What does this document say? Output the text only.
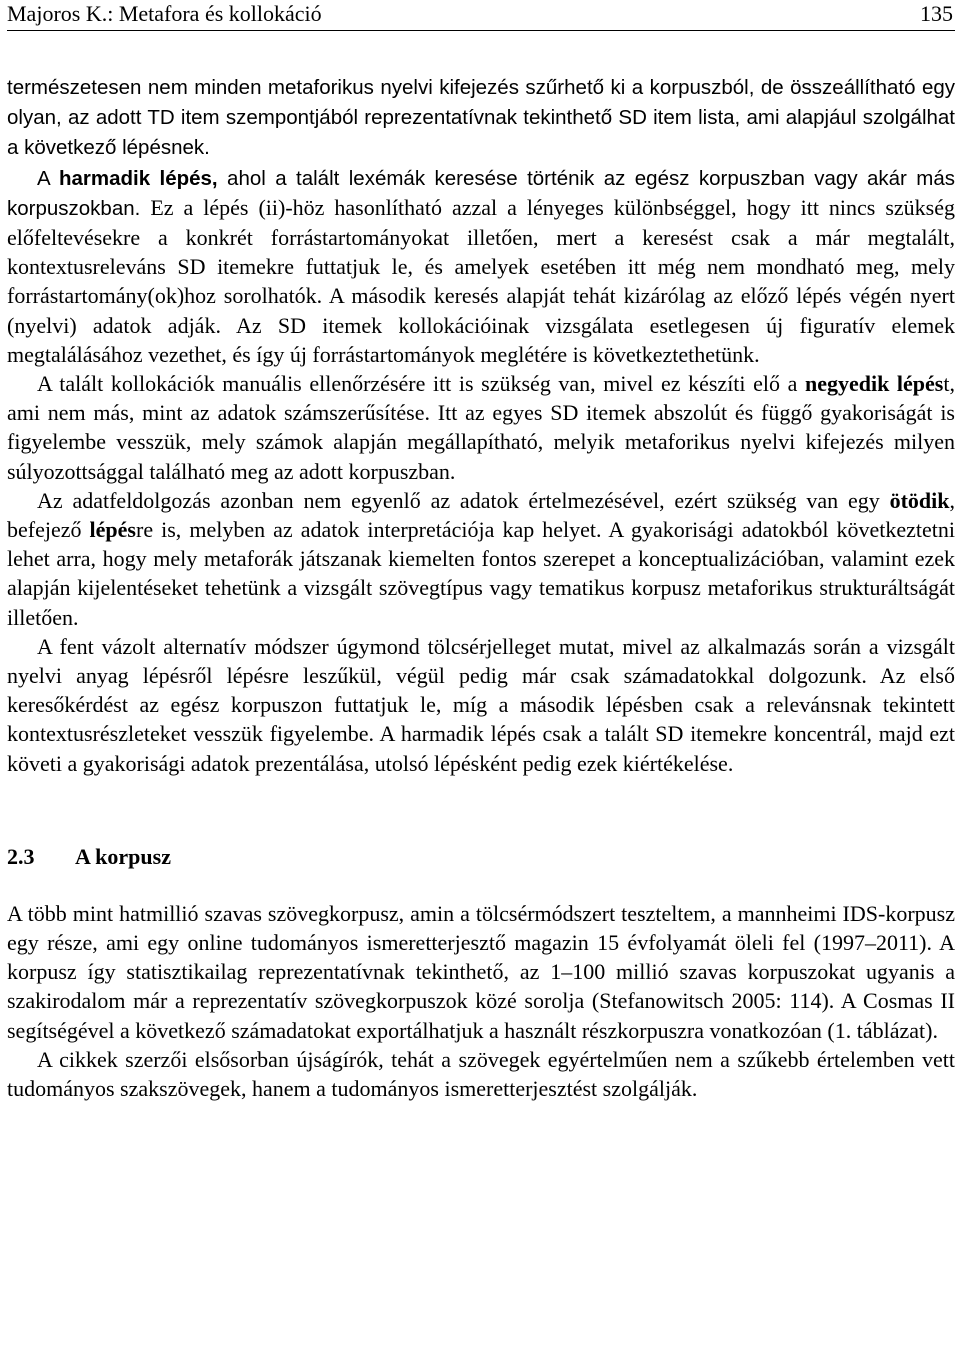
Majoros K.: Metafora és kollokáció	135

természetesen nem minden metaforikus nyelvi kifejezés szűrhető ki a korpuszból, de összeállítható egy olyan, az adott TD item szempontjából reprezentatívnak tekinthető SD item lista, ami alapjául szolgálhat a következő lépésnek.

A harmadik lépés, ahol a talált lexémák keresése történik az egész korpuszban vagy akár más korpuszokban. Ez a lépés (ii)-höz hasonlítható azzal a lényeges különbséggel, hogy itt nincs szükség előfeltevésekre a konkrét forrástartományokat illetően, mert a keresést csak a már megtalált, kontextusreleváns SD itemekre futtatjuk le, és amelyek esetében itt még nem mondható meg, mely forrástartomány(ok)hoz sorolhatók. A második keresés alapját tehát kizárólag az előző lépés végén nyert (nyelvi) adatok adják. Az SD itemek kollokációinak vizsgálata esetlegesen új figuratív elemek megtalálásához vezethet, és így új forrástartományok meglétére is következtethetünk.

A talált kollokációk manuális ellenőrzésére itt is szükség van, mivel ez készíti elő a negyedik lépést, ami nem más, mint az adatok számszerűsítése. Itt az egyes SD itemek abszolút és függő gyakoriságát is figyelembe vesszük, mely számok alapján megállapítható, melyik metaforikus nyelvi kifejezés milyen súlyozottsággal található meg az adott korpuszban.

Az adatfeldolgozás azonban nem egyenlő az adatok értelmezésével, ezért szükség van egy ötödik, befejező lépésre is, melyben az adatok interpretációja kap helyet. A gyakorisági adatokból következtetni lehet arra, hogy mely metaforák játszanak kiemelten fontos szerepet a konceptualizációban, valamint ezek alapján kijelentéseket tehetünk a vizsgált szövegtípus vagy tematikus korpusz metaforikus strukturáltságát illetően.

A fent vázolt alternatív módszer úgymond tölcsérjelleget mutat, mivel az alkalmazás során a vizsgált nyelvi anyag lépésről lépésre leszűkül, végül pedig már csak számadatokkal dolgozunk. Az első keresőkérdést az egész korpuszon futtatjuk le, míg a második lépésben csak a relevánsnak tekintett kontextusrészleteket vesszük figyelembe. A harmadik lépés csak a talált SD itemekre koncentrál, majd ezt követi a gyakorisági adatok prezentálása, utolsó lépésként pedig ezek kiértékelése.

2.3 A korpusz

A több mint hatmillió szavas szövegkorpusz, amin a tölcsérmódszert teszteltem, a mannheimi IDS-korpusz egy része, ami egy online tudományos ismeretterjesztő magazin 15 évfolyamát öleli fel (1997–2011). A korpusz így statisztikailag reprezentatívnak tekinthető, az 1–100 millió szavas korpuszokat ugyanis a szakirodalom már a reprezentatív szövegkorpuszok közé sorolja (Stefanowitsch 2005: 114). A Cosmas II segítségével a következő számadatokat exportálhatjuk a használt részkorpuszra vonatkozóan (1. táblázat).

A cikkek szerzői elsősorban újságírók, tehát a szövegek egyértelműen nem a szűkebb értelemben vett tudományos szakszövegek, hanem a tudományos ismeretterjesztést szolgálják.
